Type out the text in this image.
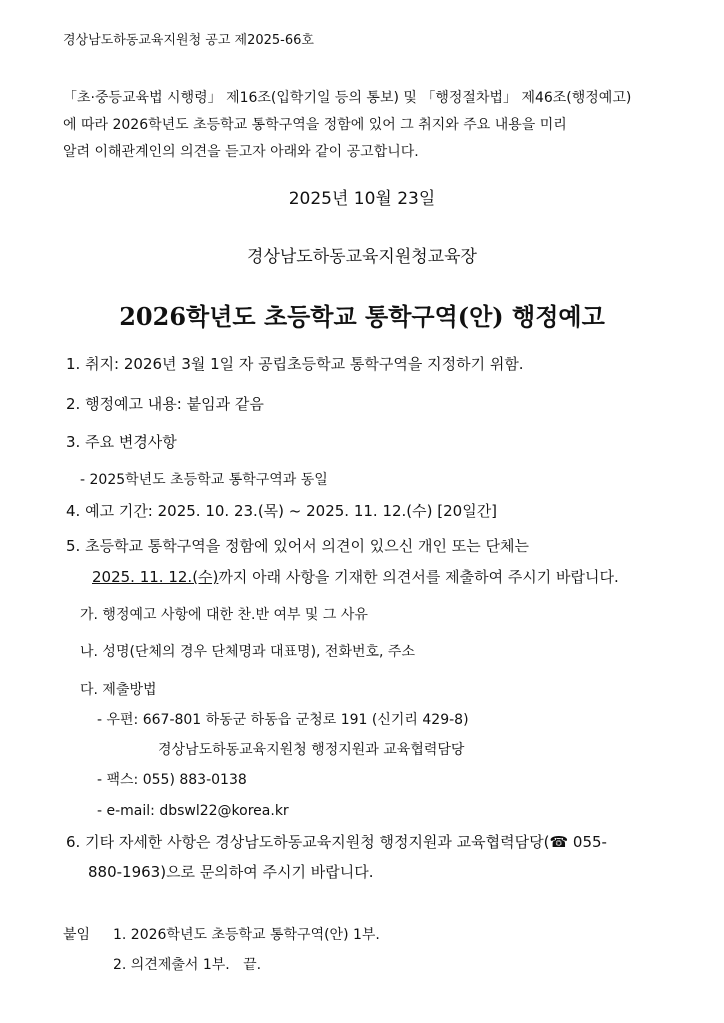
경상남도하동교육지원청 공고 제2025-66호
「초·중등교육법 시행령」 제16조(입학기일 등의 통보) 및 「행정절차법」 제46조(행정예고)
에 따라 2026학년도 초등학교 통학구역을 정함에 있어 그 취지와 주요 내용을 미리
알려 이해관계인의 의견을 듣고자 아래와 같이 공고합니다.
2025년 10월 23일
경상남도하동교육지원청교육장
2026학년도 초등학교 통학구역(안) 행정예고
1. 취지: 2026년 3월 1일 자 공립초등학교 통학구역을 지정하기 위함.
2. 행정예고 내용: 붙임과 같음
3. 주요 변경사항
- 2025학년도 초등학교 통학구역과 동일
4. 예고 기간: 2025. 10. 23.(목) ~ 2025. 11. 12.(수) [20일간]
5. 초등학교 통학구역을 정함에 있어서 의견이 있으신 개인 또는 단체는
2025. 11. 12.(수)까지 아래 사항을 기재한 의견서를 제출하여 주시기 바랍니다.
가. 행정예고 사항에 대한 찬.반 여부 및 그 사유
나. 성명(단체의 경우 단체명과 대표명), 전화번호, 주소
다. 제출방법
- 우편: 667-801 하동군 하동읍 군청로 191 (신기리 429-8)
경상남도하동교육지원청 행정지원과 교육협력담당
- 팩스: 055) 883-0138
- e-mail: dbswl22@korea.kr
6. 기타 자세한 사항은 경상남도하동교육지원청 행정지원과 교육협력담당(☎ 055-
880-1963)으로 문의하여 주시기 바랍니다.
붙임 1. 2026학년도 초등학교 통학구역(안) 1부.
2. 의견제출서 1부. 끝.
